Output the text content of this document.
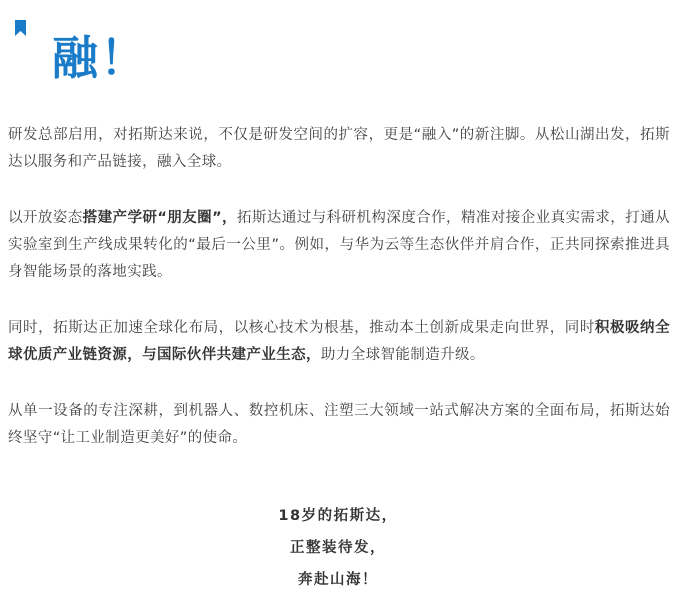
融！

研发总部启用，对拓斯达来说，不仅是研发空间的扩容，更是“融入”的新注脚。从松山湖出发，拓斯达以服务和产品链接，融入全球。

以开放姿态搭建产学研“朋友圈”，拓斯达通过与科研机构深度合作，精准对接企业真实需求，打通从实验室到生产线成果转化的“最后一公里”。例如，与华为云等生态伙伴并肩合作，正共同探索推进具身智能场景的落地实践。

同时，拓斯达正加速全球化布局，以核心技术为根基，推动本土创新成果走向世界，同时积极吸纳全球优质产业链资源，与国际伙伴共建产业生态，助力全球智能制造升级。

从单一设备的专注深耕，到机器人、数控机床、注塑三大领域一站式解决方案的全面布局，拓斯达始终坚守“让工业制造更美好”的使命。

18岁的拓斯达，
正整装待发，
奔赴山海！
